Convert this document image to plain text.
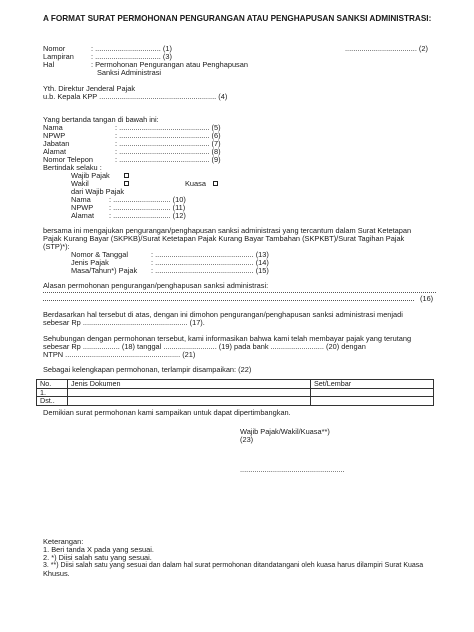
A FORMAT SURAT PERMOHONAN PENGURANGAN ATAU PENGHAPUSAN SANKSI ADMINISTRASI:
Nomor	: ................................ (1)	................................... (2)
Lampiran : ................................ (3)
Hal	: Permohonan Pengurangan atau Penghapusan
Sanksi Administrasi
Yth. Direktur Jenderal Pajak
u.b. Kepala KPP ......................................................... (4)
Yang bertanda tangan di bawah ini:
Nama	: ............................................ (5)
NPWP	: ............................................ (6)
Jabatan	: ............................................ (7)
Alamat	: ............................................ (8)
Nomor Telepon	: ............................................ (9)
Bertindak selaku :
Wajib Pajak
Wakil	Kuasa
dari Wajib Pajak
Nama : ............................ (10)
NPWP : ............................ (11)
Alamat : ............................ (12)
bersama ini mengajukan pengurangan/penghapusan sanksi administrasi yang tercantum dalam Surat Ketetapan
Pajak Kurang Bayar (SKPKB)/Surat Ketetapan Pajak Kurang Bayar Tambahan (SKPKBT)/Surat Tagihan Pajak
(STP)*):
Nomor & Tanggal	: ................................................ (13)
Jenis Pajak	: ................................................ (14)
Masa/Tahun*) Pajak : ................................................ (15)
Alasan permohonan pengurangan/penghapusan sanksi administrasi:
(16)
Berdasarkan hal tersebut di atas, dengan ini dimohon pengurangan/penghapusan sanksi administrasi menjadi
sebesar Rp ................................................... (17).
Sehubungan dengan permohonan tersebut, kami informasikan bahwa kami telah membayar pajak yang terutang
sebesar Rp .................. (18) tanggal .......................... (19) pada bank .......................... (20) dengan
NTPN ........................................................ (21)
Sebagai kelengkapan permohonan, terlampir disampaikan: (22)
No.	Jenis Dokumen	Set/Lembar
1.		
Dst..		
Demikian surat permohonan kami sampaikan untuk dapat dipertimbangkan.
Wajib Pajak/Wakil/Kuasa**)
(23)
...................................................
Keterangan:
1. Beri tanda X pada yang sesuai.
2. *) Diisi salah satu yang sesuai.
3. **) Diisi salah satu yang sesuai dan dalam hal surat permohonan ditandatangani oleh kuasa harus dilampiri Surat Kuasa
Khusus.
